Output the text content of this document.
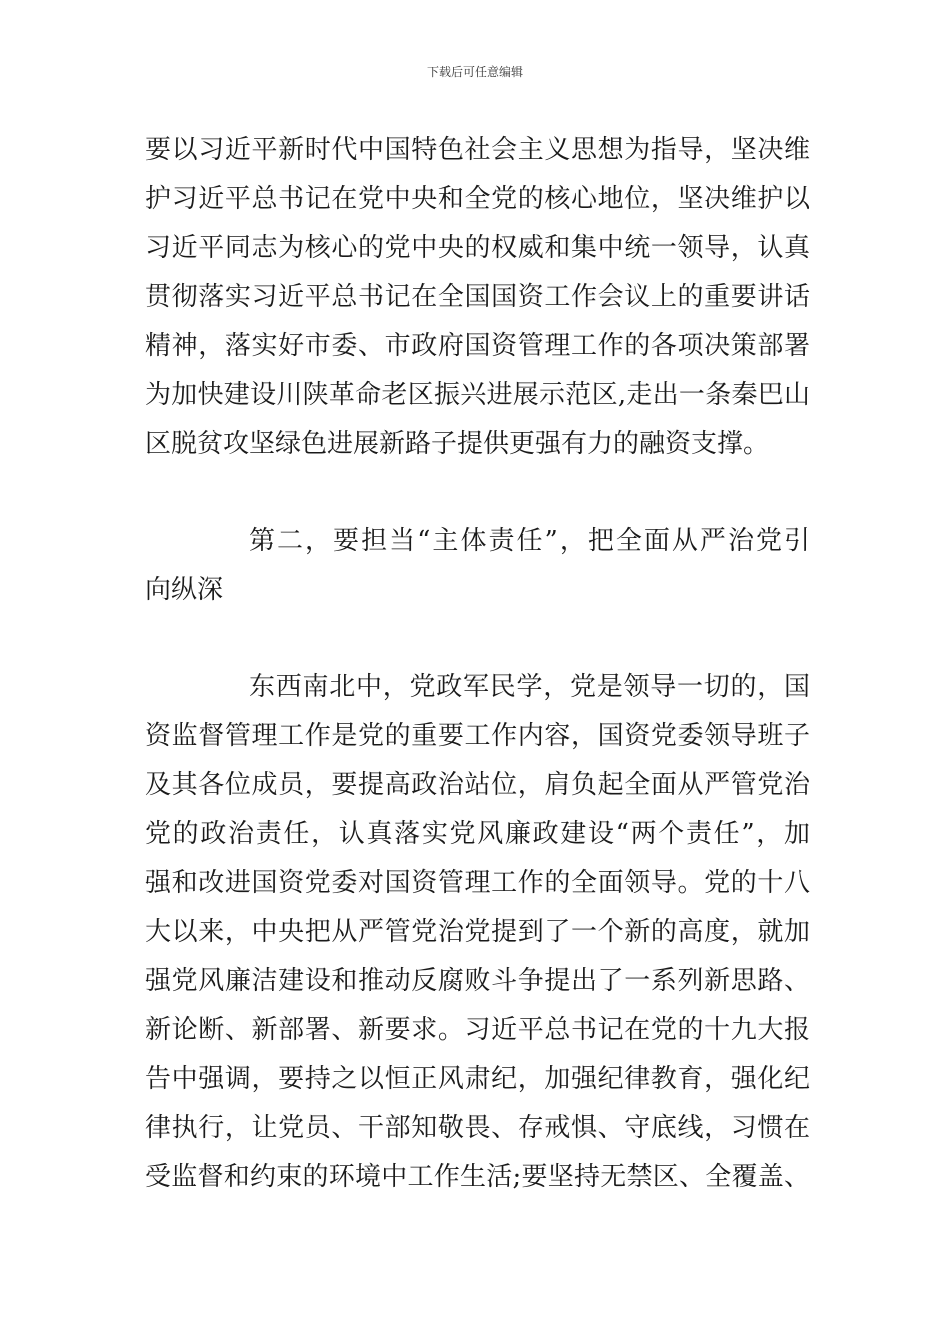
下载后可任意编辑
要以习近平新时代中国特色社会主义思想为指导，坚决维
护习近平总书记在党中央和全党的核心地位，坚决维护以
习近平同志为核心的党中央的权威和集中统一领导，认真
贯彻落实习近平总书记在全国国资工作会议上的重要讲话
精神，落实好市委、市政府国资管理工作的各项决策部署
为加快建设川陕革命老区振兴进展示范区,走出一条秦巴山
区脱贫攻坚绿色进展新路子提供更强有力的融资支撑。
第二，要担当“主体责任”，把全面从严治党引
向纵深
东西南北中，党政军民学，党是领导一切的，国
资监督管理工作是党的重要工作内容，国资党委领导班子
及其各位成员，要提高政治站位，肩负起全面从严管党治
党的政治责任，认真落实党风廉政建设“两个责任”，加
强和改进国资党委对国资管理工作的全面领导。党的十八
大以来，中央把从严管党治党提到了一个新的高度，就加
强党风廉洁建设和推动反腐败斗争提出了一系列新思路、
新论断、新部署、新要求。习近平总书记在党的十九大报
告中强调，要持之以恒正风肃纪，加强纪律教育，强化纪
律执行，让党员、干部知敬畏、存戒惧、守底线，习惯在
受监督和约束的环境中工作生活;要坚持无禁区、全覆盖、
